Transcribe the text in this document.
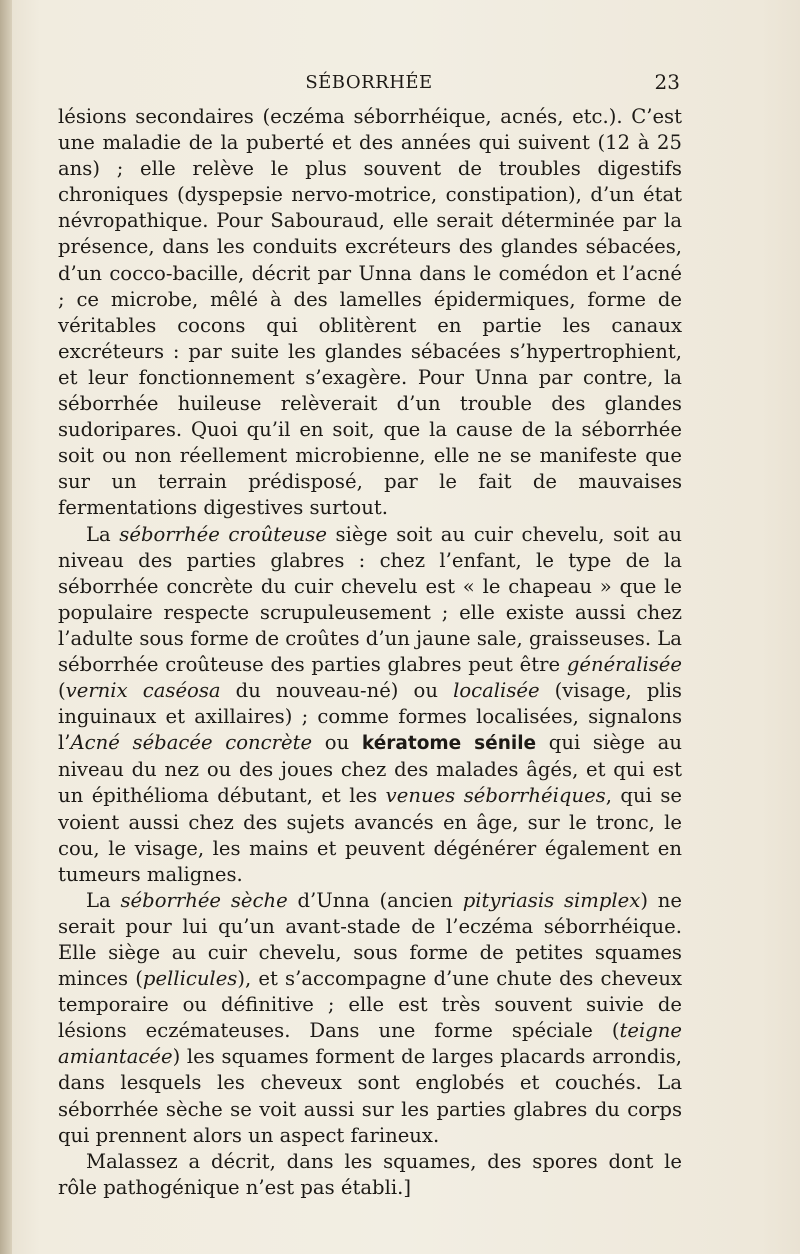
SÉBORRHÉE	23

lésions secondaires (eczéma séborrhéique, acnés, etc.). C’est une maladie de la puberté et des années qui suivent (12 à 25 ans) ; elle relève le plus souvent de troubles digestifs chroniques (dyspepsie nervo-motrice, constipation), d’un état névropathique. Pour Sabouraud, elle serait déterminée par la présence, dans les conduits excréteurs des glandes sébacées, d’un cocco-bacille, décrit par Unna dans le comédon et l’acné ; ce microbe, mêlé à des lamelles épidermiques, forme de véritables cocons qui oblitèrent en partie les canaux excréteurs : par suite les glandes sébacées s’hypertrophient, et leur fonctionnement s’exagère. Pour Unna par contre, la séborrhée huileuse relèverait d’un trouble des glandes sudoripares. Quoi qu’il en soit, que la cause de la séborrhée soit ou non réellement microbienne, elle ne se manifeste que sur un terrain prédisposé, par le fait de mauvaises fermentations digestives surtout.

La séborrhée croûteuse siège soit au cuir chevelu, soit au niveau des parties glabres : chez l’enfant, le type de la séborrhée concrète du cuir chevelu est « le chapeau » que le populaire respecte scrupuleusement ; elle existe aussi chez l’adulte sous forme de croûtes d’un jaune sale, graisseuses. La séborrhée croûteuse des parties glabres peut être généralisée (vernix caséosa du nouveau-né) ou localisée (visage, plis inguinaux et axillaires) ; comme formes localisées, signalons l’Acné sébacée concrète ou kératome sénile qui siège au niveau du nez ou des joues chez des malades âgés, et qui est un épithélioma débutant, et les venues séborrhéiques, qui se voient aussi chez des sujets avancés en âge, sur le tronc, le cou, le visage, les mains et peuvent dégénérer également en tumeurs malignes.

La séborrhée sèche d’Unna (ancien pityriasis simplex) ne serait pour lui qu’un avant-stade de l’eczéma séborrhéique. Elle siège au cuir chevelu, sous forme de petites squames minces (pellicules), et s’accompagne d’une chute des cheveux temporaire ou définitive ; elle est très souvent suivie de lésions eczémateuses. Dans une forme spéciale (teigne amiantacée) les squames forment de larges placards arrondis, dans lesquels les cheveux sont englobés et couchés. La séborrhée sèche se voit aussi sur les parties glabres du corps qui prennent alors un aspect farineux.

Malassez a décrit, dans les squames, des spores dont le rôle pathogénique n’est pas établi.]
